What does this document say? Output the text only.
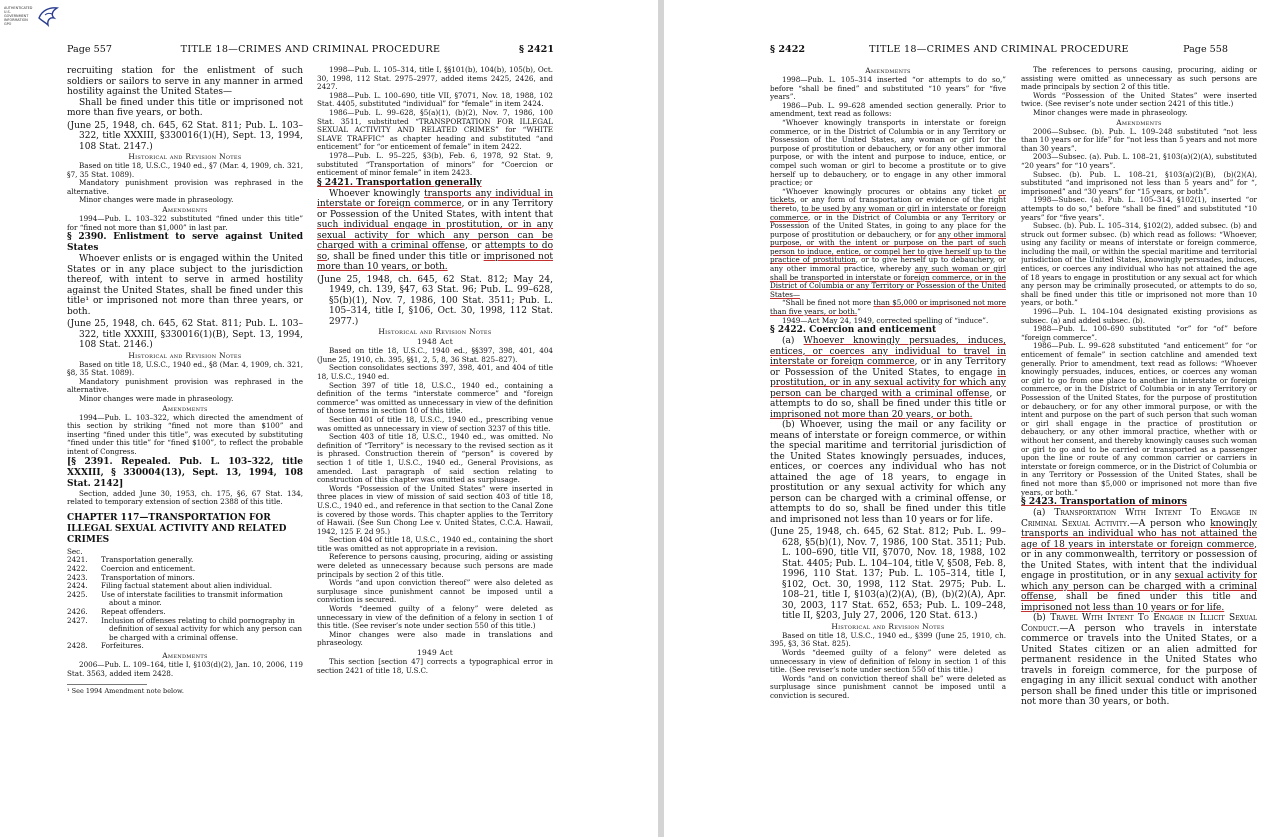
AUTHENTICATED
U.S. GOVERNMENT
INFORMATION
GPO
Page 557	TITLE 18—CRIMES AND CRIMINAL PROCEDURE	§ 2421

recruiting station for the enlistment of such soldiers or sailors to serve in any manner in armed hostility against the United States—

Shall be fined under this title or imprisoned not more than five years, or both.

(June 25, 1948, ch. 645, 62 Stat. 811; Pub. L. 103–322, title XXXIII, §330016(1)(H), Sept. 13, 1994, 108 Stat. 2147.)

Historical and Revision Notes

Based on title 18, U.S.C., 1940 ed., §7 (Mar. 4, 1909, ch. 321, §7, 35 Stat. 1089).

Mandatory punishment provision was rephrased in the alternative.

Minor changes were made in phraseology.

Amendments

1994—Pub. L. 103–322 substituted “fined under this title” for “fined not more than $1,000” in last par.

§ 2390. Enlistment to serve against United States

Whoever enlists or is engaged within the United States or in any place subject to the jurisdiction thereof, with intent to serve in armed hostility against the United States, shall be fined under this title¹ or imprisoned not more than three years, or both.

(June 25, 1948, ch. 645, 62 Stat. 811; Pub. L. 103–322, title XXXIII, §330016(1)(B), Sept. 13, 1994, 108 Stat. 2146.)

Historical and Revision Notes

Based on title 18, U.S.C., 1940 ed., §8 (Mar. 4, 1909, ch. 321, §8, 35 Stat. 1089).

Mandatory punishment provision was rephrased in the alternative.

Minor changes were made in phraseology.

Amendments

1994—Pub. L. 103–322, which directed the amendment of this section by striking “fined not more than $100” and inserting “fined under this title”, was executed by substituting “fined under this title” for “fined $100”, to reflect the probable intent of Congress.

[§ 2391. Repealed. Pub. L. 103–322, title XXXIII, § 330004(13), Sept. 13, 1994, 108 Stat. 2142]

Section, added June 30, 1953, ch. 175, §6, 67 Stat. 134, related to temporary extension of section 2388 of this title.

CHAPTER 117—TRANSPORTATION FOR ILLEGAL SEXUAL ACTIVITY AND RELATED CRIMES

Sec.

2421.	Transportation generally.
2422.	Coercion and enticement.
2423.	Transportation of minors.
2424.	Filing factual statement about alien individual.
2425.	Use of interstate facilities to transmit information about a minor.
2426.	Repeat offenders.
2427.	Inclusion of offenses relating to child pornography in definition of sexual activity for which any person can be charged with a criminal offense.
2428.	Forfeitures.

Amendments

2006—Pub. L. 109–164, title I, §103(d)(2), Jan. 10, 2006, 119 Stat. 3563, added item 2428.

¹ See 1994 Amendment note below.

1998—Pub. L. 105–314, title I, §§101(b), 104(b), 105(b), Oct. 30, 1998, 112 Stat. 2975–2977, added items 2425, 2426, and 2427.

1988—Pub. L. 100–690, title VII, §7071, Nov. 18, 1988, 102 Stat. 4405, substituted “individual” for “female” in item 2424.

1986—Pub. L. 99–628, §5(a)(1), (b)(2), Nov. 7, 1986, 100 Stat. 3511, substituted “TRANSPORTATION FOR ILLEGAL SEXUAL ACTIVITY AND RELATED CRIMES” for “WHITE SLAVE TRAFFIC” as chapter heading and substituted “and enticement” for “or enticement of female” in item 2422.

1978—Pub. L. 95–225, §3(b), Feb. 6, 1978, 92 Stat. 9, substituted “Transportation of minors” for “Coercion or enticement of minor female” in item 2423.

§ 2421. Transportation generally

Whoever knowingly transports any individual in interstate or foreign commerce, or in any Territory or Possession of the United States, with intent that such individual engage in prostitution, or in any sexual activity for which any person can be charged with a criminal offense, or attempts to do so, shall be fined under this title or imprisoned not more than 10 years, or both.

(June 25, 1948, ch. 645, 62 Stat. 812; May 24, 1949, ch. 139, §47, 63 Stat. 96; Pub. L. 99–628, §5(b)(1), Nov. 7, 1986, 100 Stat. 3511; Pub. L. 105–314, title I, §106, Oct. 30, 1998, 112 Stat. 2977.)

Historical and Revision Notes

1948 Act

Based on title 18, U.S.C., 1940 ed., §§397, 398, 401, 404 (June 25, 1910, ch. 395, §§1, 2, 5, 8, 36 Stat. 825–827).

Section consolidates sections 397, 398, 401, and 404 of title 18, U.S.C., 1940 ed.

Section 397 of title 18, U.S.C., 1940 ed., containing a definition of the terms “interstate commerce” and “foreign commerce” was omitted as unnecessary in view of the definition of those terms in section 10 of this title.

Section 401 of title 18, U.S.C., 1940 ed., prescribing venue was omitted as unnecessary in view of section 3237 of this title.

Section 403 of title 18, U.S.C., 1940 ed., was omitted. No definition of “Territory” is necessary to the revised section as it is phrased. Construction therein of “person” is covered by section 1 of title 1, U.S.C., 1940 ed., General Provisions, as amended. Last paragraph of said section relating to construction of this chapter was omitted as surplusage.

Words “Possession of the United States” were inserted in three places in view of mission of said section 403 of title 18, U.S.C., 1940 ed., and reference in that section to the Canal Zone is covered by those words. This chapter applies to the Territory of Hawaii. (See Sun Chong Lee v. United States, C.C.A. Hawaii, 1942, 125 F. 2d 95.)

Section 404 of title 18, U.S.C., 1940 ed., containing the short title was omitted as not appropriate in a revision.

Reference to persons causing, procuring, aiding or assisting were deleted as unnecessary because such persons are made principals by section 2 of this title.

Words “and upon conviction thereof” were also deleted as surplusage since punishment cannot be imposed until a conviction is secured.

Words “deemed guilty of a felony” were deleted as unnecessary in view of the definition of a felony in section 1 of this title. (See reviser’s note under section 550 of this title.)

Minor changes were also made in translations and phraseology.

1949 Act

This section [section 47] corrects a typographical error in section 2421 of title 18, U.S.C.

§ 2422	TITLE 18—CRIMES AND CRIMINAL PROCEDURE	Page 558

Amendments

1998—Pub. L. 105–314 inserted “or attempts to do so,” before “shall be fined” and substituted “10 years” for “five years”.

1986—Pub. L. 99–628 amended section generally. Prior to amendment, text read as follows:

“Whoever knowingly transports in interstate or foreign commerce, or in the District of Columbia or in any Territory or Possession of the United States, any woman or girl for the purpose of prostitution or debauchery, or for any other immoral purpose, or with the intent and purpose to induce, entice, or compel such woman or girl to become a prostitute or to give herself up to debauchery, or to engage in any other immoral practice; or

“Whoever knowingly procures or obtains any ticket or tickets, or any form of transportation or evidence of the right thereto, to be used by any woman or girl in interstate or foreign commerce, or in the District of Columbia or any Territory or Possession of the United States, in going to any place for the purpose of prostitution or debauchery, or for any other immoral purpose, or with the intent or purpose on the part of such person to induce, entice, or compel her to give herself up to the practice of prostitution, or to give herself up to debauchery, or any other immoral practice, whereby any such woman or girl shall be transported in interstate or foreign commerce, or in the District of Columbia or any Territory or Possession of the United States—

“Shall be fined not more than $5,000 or imprisoned not more than five years, or both.”

1949—Act May 24, 1949, corrected spelling of “induce”.

§ 2422. Coercion and enticement

(a) Whoever knowingly persuades, induces, entices, or coerces any individual to travel in interstate or foreign commerce, or in any Territory or Possession of the United States, to engage in prostitution, or in any sexual activity for which any person can be charged with a criminal offense, or attempts to do so, shall be fined under this title or imprisoned not more than 20 years, or both.

(b) Whoever, using the mail or any facility or means of interstate or foreign commerce, or within the special maritime and territorial jurisdiction of the United States knowingly persuades, induces, entices, or coerces any individual who has not attained the age of 18 years, to engage in prostitution or any sexual activity for which any person can be charged with a criminal offense, or attempts to do so, shall be fined under this title and imprisoned not less than 10 years or for life.

(June 25, 1948, ch. 645, 62 Stat. 812; Pub. L. 99–628, §5(b)(1), Nov. 7, 1986, 100 Stat. 3511; Pub. L. 100–690, title VII, §7070, Nov. 18, 1988, 102 Stat. 4405; Pub. L. 104–104, title V, §508, Feb. 8, 1996, 110 Stat. 137; Pub. L. 105–314, title I, §102, Oct. 30, 1998, 112 Stat. 2975; Pub. L. 108–21, title I, §103(a)(2)(A), (B), (b)(2)(A), Apr. 30, 2003, 117 Stat. 652, 653; Pub. L. 109–248, title II, §203, July 27, 2006, 120 Stat. 613.)

Historical and Revision Notes

Based on title 18, U.S.C., 1940 ed., §399 (June 25, 1910, ch. 395, §3, 36 Stat. 825).

Words “deemed guilty of a felony” were deleted as unnecessary in view of definition of felony in section 1 of this title. (See reviser’s note under section 550 of this title.)

Words “and on conviction thereof shall be” were deleted as surplusage since punishment cannot be imposed until a conviction is secured.

The references to persons causing, procuring, aiding or assisting were omitted as unnecessary as such persons are made principals by section 2 of this title.

Words “Possession of the United States” were inserted twice. (See reviser’s note under section 2421 of this title.)

Minor changes were made in phraseology.

Amendments

2006—Subsec. (b). Pub. L. 109–248 substituted “not less than 10 years or for life” for “not less than 5 years and not more than 30 years”.

2003—Subsec. (a). Pub. L. 108–21, §103(a)(2)(A), substituted “20 years” for “10 years”.

Subsec. (b). Pub. L. 108–21, §103(a)(2)(B), (b)(2)(A), substituted “and imprisoned not less than 5 years and” for “, imprisoned” and “30 years” for “15 years, or both”.

1998—Subsec. (a). Pub. L. 105–314, §102(1), inserted “or attempts to do so,” before “shall be fined” and substituted “10 years” for “five years”.

Subsec. (b). Pub. L. 105–314, §102(2), added subsec. (b) and struck out former subsec. (b) which read as follows: “Whoever, using any facility or means of interstate or foreign commerce, including the mail, or within the special maritime and territorial jurisdiction of the United States, knowingly persuades, induces, entices, or coerces any individual who has not attained the age of 18 years to engage in prostitution or any sexual act for which any person may be criminally prosecuted, or attempts to do so, shall be fined under this title or imprisoned not more than 10 years, or both.”

1996—Pub. L. 104–104 designated existing provisions as subsec. (a) and added subsec. (b).

1988—Pub. L. 100–690 substituted “or” for “of” before “foreign commerce”.

1986—Pub. L. 99–628 substituted “and enticement” for “or enticement of female” in section catchline and amended text generally. Prior to amendment, text read as follows: “Whoever knowingly persuades, induces, entices, or coerces any woman or girl to go from one place to another in interstate or foreign commerce, or in the District of Columbia or in any Territory or Possession of the United States, for the purpose of prostitution or debauchery, or for any other immoral purpose, or with the intent and purpose on the part of such person that such woman or girl shall engage in the practice of prostitution or debauchery, or any other immoral practice, whether with or without her consent, and thereby knowingly causes such woman or girl to go and to be carried or transported as a passenger upon the line or route of any common carrier or carriers in interstate or foreign commerce, or in the District of Columbia or in any Territory or Possession of the United States, shall be fined not more than $5,000 or imprisoned not more than five years, or both.”

§ 2423. Transportation of minors

(a) Transportation With Intent To Engage in Criminal Sexual Activity.—A person who knowingly transports an individual who has not attained the age of 18 years in interstate or foreign commerce, or in any commonwealth, territory or possession of the United States, with intent that the individual engage in prostitution, or in any sexual activity for which any person can be charged with a criminal offense, shall be fined under this title and imprisoned not less than 10 years or for life.

(b) Travel With Intent To Engage in Illicit Sexual Conduct.—A person who travels in interstate commerce or travels into the United States, or a United States citizen or an alien admitted for permanent residence in the United States who travels in foreign commerce, for the purpose of engaging in any illicit sexual conduct with another person shall be fined under this title or imprisoned not more than 30 years, or both.
